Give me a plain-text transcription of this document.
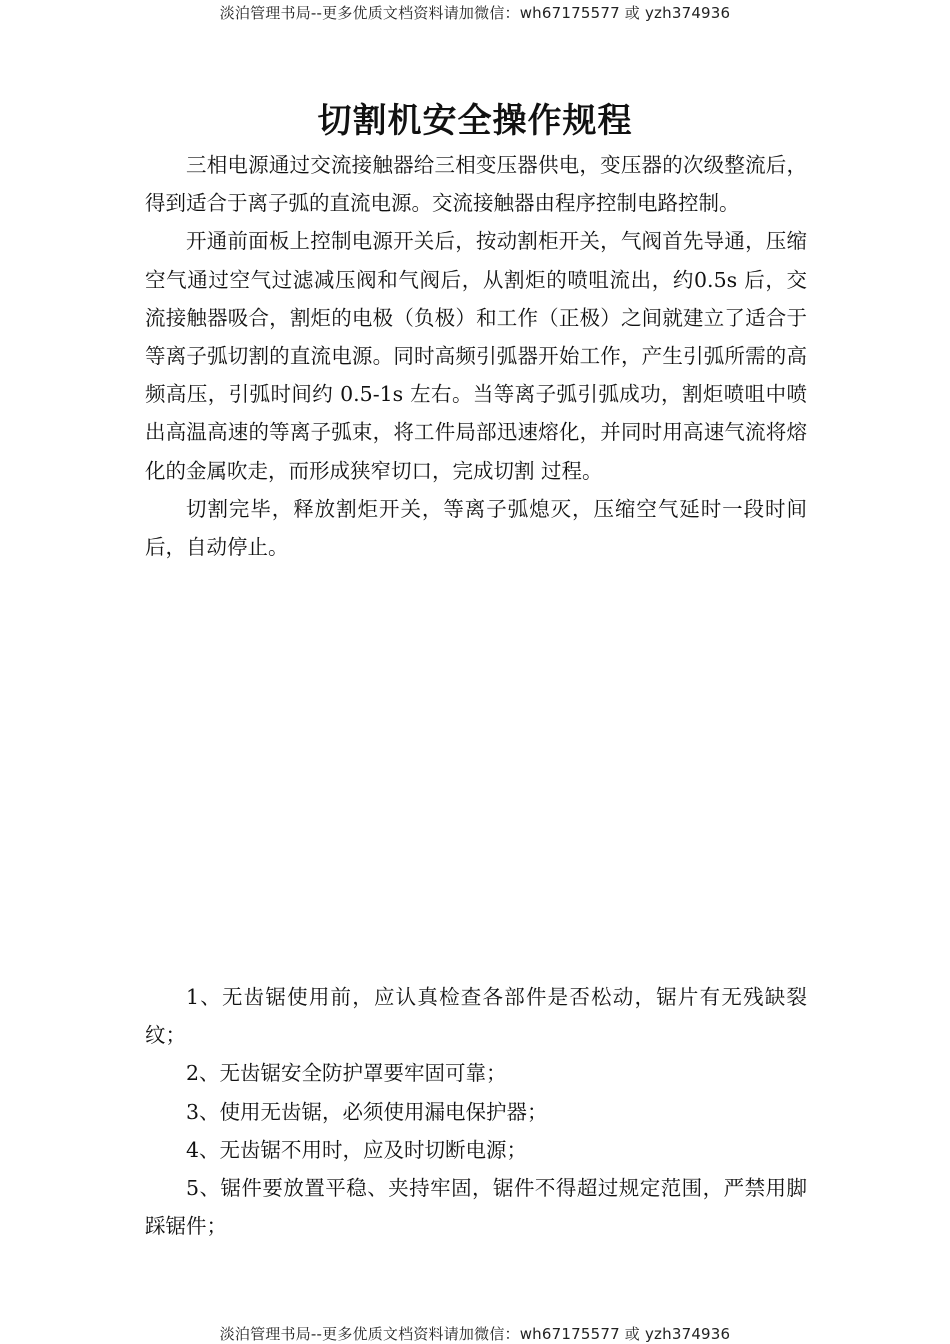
淡泊管理书局--更多优质文档资料请加微信：wh67175577 或 yzh374936
切割机安全操作规程

三相电源通过交流接触器给三相变压器供电，变压器的次级整流后，得到适合于离子弧的直流电源。交流接触器由程序控制电路控制。

开通前面板上控制电源开关后，按动割柜开关，气阀首先导通，压缩空气通过空气过滤减压阀和气阀后，从割炬的喷咀流出，约0.5s 后，交流接触器吸合，割炬的电极（负极）和工作（正极）之间就建立了适合于等离子弧切割的直流电源。同时高频引弧器开始工作，产生引弧所需的高频高压，引弧时间约 0.5-1s 左右。当等离子弧引弧成功，割炬喷咀中喷出高温高速的等离子弧束，将工件局部迅速熔化，并同时用高速气流将熔化的金属吹走，而形成狭窄切口，完成切割 过程。

切割完毕，释放割炬开关，等离子弧熄灭，压缩空气延时一段时间后，自动停止。

1、无齿锯使用前，应认真检查各部件是否松动，锯片有无残缺裂纹；

2、无齿锯安全防护罩要牢固可靠；

3、使用无齿锯，必须使用漏电保护器；

4、无齿锯不用时，应及时切断电源；

5、锯件要放置平稳、夹持牢固，锯件不得超过规定范围，严禁用脚踩锯件；

淡泊管理书局--更多优质文档资料请加微信：wh67175577 或 yzh374936
